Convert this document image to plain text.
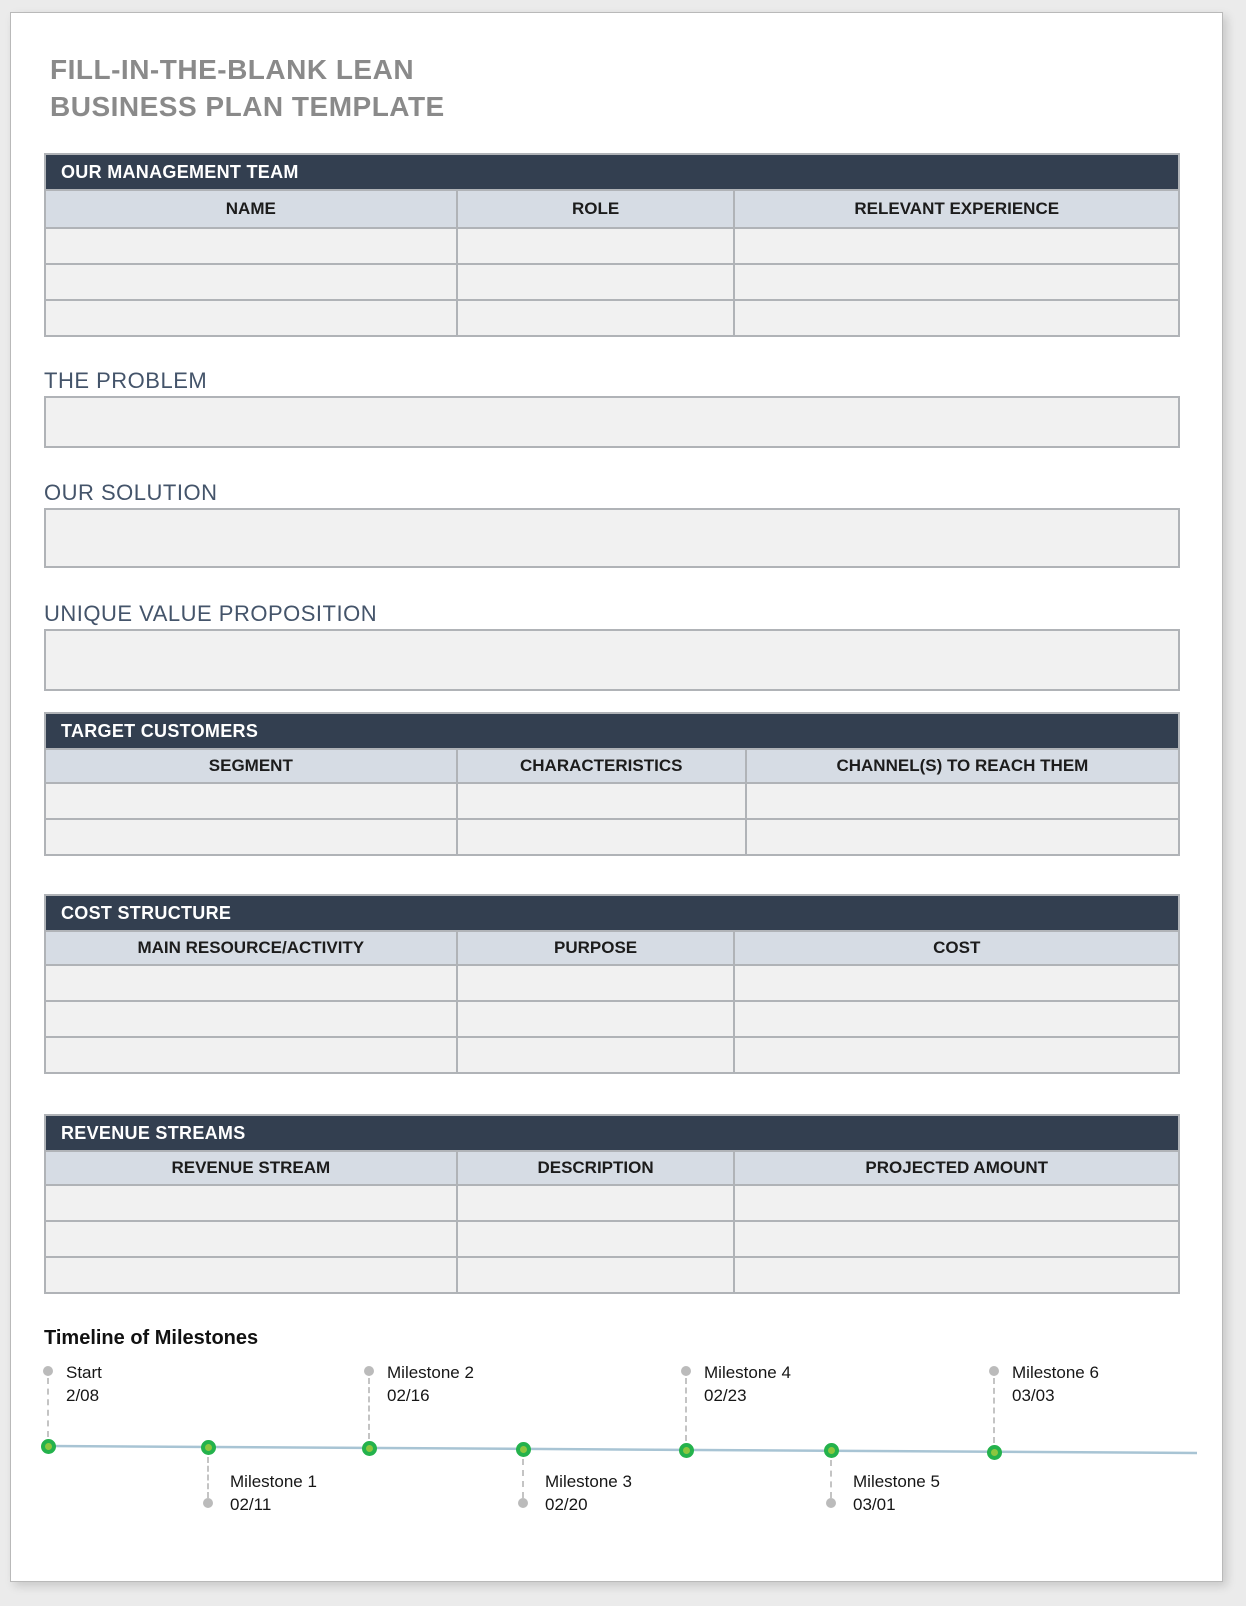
FILL-IN-THE-BLANK LEAN
BUSINESS PLAN TEMPLATE
OUR MANAGEMENT TEAM		
NAME	ROLE	RELEVANT EXPERIENCE

THE PROBLEM
OUR SOLUTION
UNIQUE VALUE PROPOSITION
TARGET CUSTOMERS		
SEGMENT	CHARACTERISTICS	CHANNEL(S) TO REACH THEM

COST STRUCTURE		
MAIN RESOURCE/ACTIVITY	PURPOSE	COST

REVENUE STREAMS		
REVENUE STREAM	DESCRIPTION	PROJECTED AMOUNT

Timeline of Milestones
Start
2/08
Milestone 1
02/11
Milestone 2
02/16
Milestone 3
02/20
Milestone 4
02/23
Milestone 5
03/01
Milestone 6
03/03
